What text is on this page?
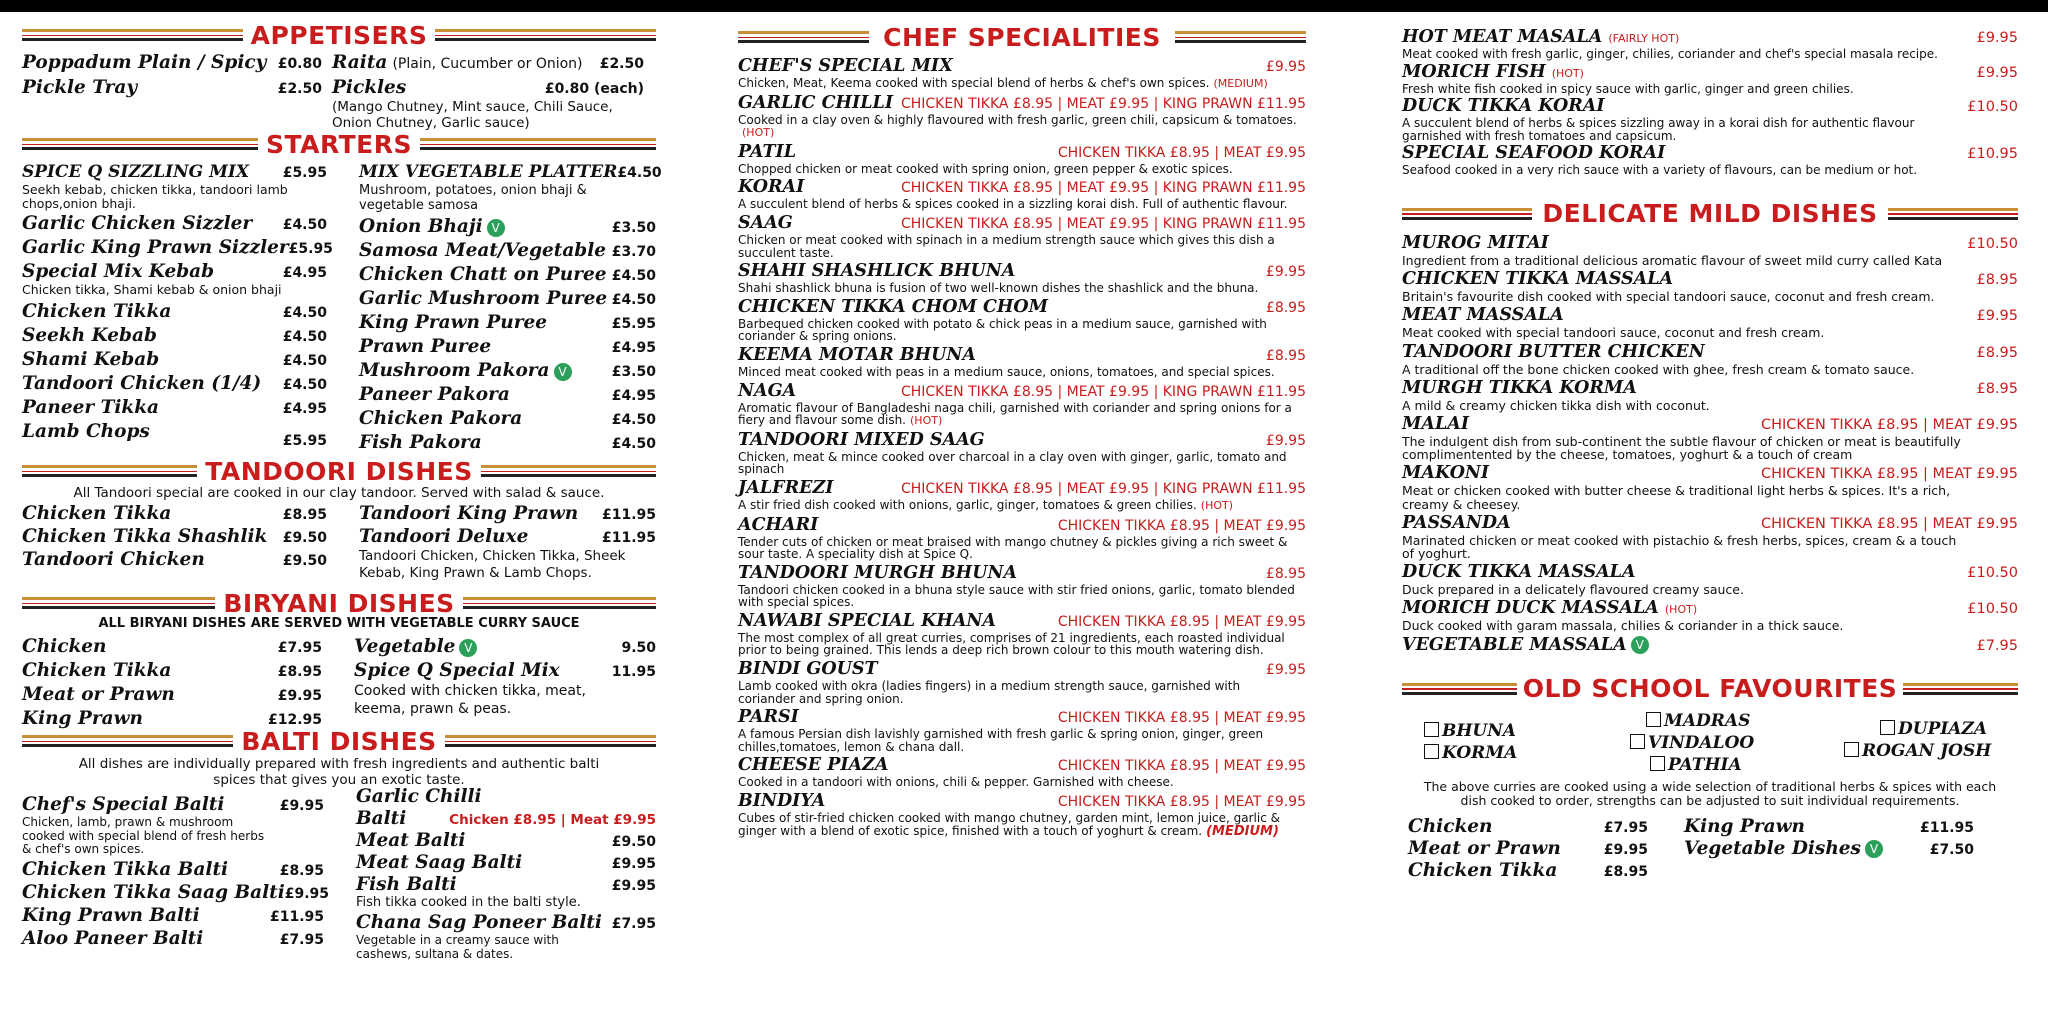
APPETISERS
Poppadum Plain / Spicy £0.80
Pickle Tray	£2.50
Raita (Plain, Cucumber or Onion) £2.50
Pickles	£0.80 (each)
(Mango Chutney, Mint sauce, Chili Sauce, Onion Chutney, Garlic sauce)
STARTERS
SPICE Q SIZZLING MIX £5.95
Seekh kebab, chicken tikka, tandoori lamb chops,onion bhaji.
Garlic Chicken Sizzler £4.50
Garlic King Prawn Sizzler £5.95
Special Mix Kebab	£4.95
Chicken tikka, Shami kebab & onion bhaji
Chicken Tikka	£4.50
Seekh Kebab	£4.50
Shami Kebab	£4.50
Tandoori Chicken (1/4) £4.50
Paneer Tikka	£4.95
Lamb Chops	£5.95
MIX VEGETABLE PLATTER £4.50
Mushroom, potatoes, onion bhaji & vegetable samosa
Onion Bhaji V	£3.50
Samosa Meat/Vegetable £3.70
Chicken Chatt on Puree £4.50
Garlic Mushroom Puree £4.50
King Prawn Puree	£5.95
Prawn Puree	£4.95
Mushroom Pakora V	£3.50
Paneer Pakora	£4.95
Chicken Pakora	£4.50
Fish Pakora	£4.50
TANDOORI DISHES
All Tandoori special are cooked in our clay tandoor. Served with salad & sauce.
Chicken Tikka	£8.95
Chicken Tikka Shashlik £9.50
Tandoori Chicken	£9.50
Tandoori King Prawn £11.95
Tandoori Deluxe	£11.95
Tandoori Chicken, Chicken Tikka, Sheek Kebab, King Prawn & Lamb Chops.
BIRYANI DISHES
ALL BIRYANI DISHES ARE SERVED WITH VEGETABLE CURRY SAUCE
Chicken	£7.95
Chicken Tikka	£8.95
Meat or Prawn	£9.95
King Prawn	£12.95
Vegetable V	9.50
Spice Q Special Mix	11.95
Cooked with chicken tikka, meat, keema, prawn & peas.
BALTI DISHES
All dishes are individually prepared with fresh ingredients and authentic balti spices that gives you an exotic taste.
Chef's Special Balti	£9.95
Chicken, lamb, prawn & mushroom cooked with special blend of fresh herbs & chef's own spices.
Chicken Tikka Balti	£8.95
Chicken Tikka Saag Balti £9.95
King Prawn Balti	£11.95
Aloo Paneer Balti	£7.95
Garlic Chilli
Balti	Chicken £8.95 | Meat £9.95
Meat Balti	£9.50
Meat Saag Balti	£9.95
Fish Balti	£9.95
Fish tikka cooked in the balti style.
Chana Sag Poneer Balti £7.95
Vegetable in a creamy sauce with cashews, sultana & dates.
CHEF SPECIALITIES
CHEF'S SPECIAL MIX	£9.95
Chicken, Meat, Keema cooked with special blend of herbs & chef's own spices. (MEDIUM)
GARLIC CHILLI CHICKEN TIKKA £8.95 | MEAT £9.95 | KING PRAWN £11.95
Cooked in a clay oven & highly flavoured with fresh garlic, green chili, capsicum & tomatoes.(HOT)
PATIL	CHICKEN TIKKA £8.95 | MEAT £9.95
Chopped chicken or meat cooked with spring onion, green pepper & exotic spices.
KORAI	CHICKEN TIKKA £8.95 | MEAT £9.95 | KING PRAWN £11.95
A succulent blend of herbs & spices cooked in a sizzling korai dish. Full of authentic flavour.
SAAG	CHICKEN TIKKA £8.95 | MEAT £9.95 | KING PRAWN £11.95
Chicken or meat cooked with spinach in a medium strength sauce which gives this dish a succulent taste.
SHAHI SHASHLICK BHUNA	£9.95
Shahi shashlick bhuna is fusion of two well-known dishes the shashlick and the bhuna.
CHICKEN TIKKA CHOM CHOM	£8.95
Barbequed chicken cooked with potato & chick peas in a medium sauce, garnished with coriander & spring onions.
KEEMA MOTAR BHUNA	£8.95
Minced meat cooked with peas in a medium sauce, onions, tomatoes, and special spices.
NAGA	CHICKEN TIKKA £8.95 | MEAT £9.95 | KING PRAWN £11.95
Aromatic flavour of Bangladeshi naga chili, garnished with coriander and spring onions for a fiery and flavour some dish. (HOT)
TANDOORI MIXED SAAG	£9.95
Chicken, meat & mince cooked over charcoal in a clay oven with ginger, garlic, tomato and spinach
JALFREZI	CHICKEN TIKKA £8.95 | MEAT £9.95 | KING PRAWN £11.95
A stir fried dish cooked with onions, garlic, ginger, tomatoes & green chilies. (HOT)
ACHARI	CHICKEN TIKKA £8.95 | MEAT £9.95
Tender cuts of chicken or meat braised with mango chutney & pickles giving a rich sweet & sour taste. A speciality dish at Spice Q.
TANDOORI MURGH BHUNA	£8.95
Tandoori chicken cooked in a bhuna style sauce with stir fried onions, garlic, tomato blended with special spices.
NAWABI SPECIAL KHANA	CHICKEN TIKKA £8.95 | MEAT £9.95
The most complex of all great curries, comprises of 21 ingredients, each roasted individual prior to being grained. This lends a deep rich brown colour to this mouth watering dish.
BINDI GOUST	£9.95
Lamb cooked with okra (ladies fingers) in a medium strength sauce, garnished with coriander and spring onion.
PARSI	CHICKEN TIKKA £8.95 | MEAT £9.95
A famous Persian dish lavishly garnished with fresh garlic & spring onion, ginger, green chilles,tomatoes, lemon & chana dall.
CHEESE PIAZA	CHICKEN TIKKA £8.95 | MEAT £9.95
Cooked in a tandoori with onions, chili & pepper. Garnished with cheese.
BINDIYA	CHICKEN TIKKA £8.95 | MEAT £9.95
Cubes of stir-fried chicken cooked with mango chutney, garden mint, lemon juice, garlic & ginger with a blend of exotic spice, finished with a touch of yoghurt & cream. (MEDIUM)
HOT MEAT MASALA (FAIRLY HOT)	£9.95
Meat cooked with fresh garlic, ginger, chilies, coriander and chef's special masala recipe.
MORICH FISH (HOT)	£9.95
Fresh white fish cooked in spicy sauce with garlic, ginger and green chilies.
DUCK TIKKA KORAI	£10.50
A succulent blend of herbs & spices sizzling away in a korai dish for authentic flavour garnished with fresh tomatoes and capsicum.
SPECIAL SEAFOOD KORAI	£10.95
Seafood cooked in a very rich sauce with a variety of flavours, can be medium or hot.
DELICATE MILD DISHES
MUROG MITAI	£10.50
Ingredient from a traditional delicious aromatic flavour of sweet mild curry called Kata
CHICKEN TIKKA MASSALA	£8.95
Britain's favourite dish cooked with special tandoori sauce, coconut and fresh cream.
MEAT MASSALA	£9.95
Meat cooked with special tandoori sauce, coconut and fresh cream.
TANDOORI BUTTER CHICKEN	£8.95
A traditional off the bone chicken cooked with ghee, fresh cream & tomato sauce.
MURGH TIKKA KORMA	£8.95
A mild & creamy chicken tikka dish with coconut.
MALAI	CHICKEN TIKKA £8.95 | MEAT £9.95
The indulgent dish from sub-continent the subtle flavour of chicken or meat is beautifully complimentented by the cheese, tomatoes, yoghurt & a touch of cream
MAKONI	CHICKEN TIKKA £8.95 | MEAT £9.95
Meat or chicken cooked with butter cheese & traditional light herbs & spices. It's a rich, creamy & cheesey.
PASSANDA	CHICKEN TIKKA £8.95 | MEAT £9.95
Marinated chicken or meat cooked with pistachio & fresh herbs, spices, cream & a touch of yoghurt.
DUCK TIKKA MASSALA	£10.50
Duck prepared in a delicately flavoured creamy sauce.
MORICH DUCK MASSALA (HOT)	£10.50
Duck cooked with garam massala, chilies & coriander in a thick sauce.
VEGETABLE MASSALA V	£7.95
OLD SCHOOL FAVOURITES
BHUNA
KORMA
MADRAS
VINDALOO
PATHIA
DUPIAZA
ROGAN JOSH
The above curries are cooked using a wide selection of traditional herbs & spices with each dish cooked to order, strengths can be adjusted to suit individual requirements.
Chicken	£7.95
Meat or Prawn	£9.95
Chicken Tikka	£8.95
King Prawn	£11.95
Vegetable Dishes V	£7.50
